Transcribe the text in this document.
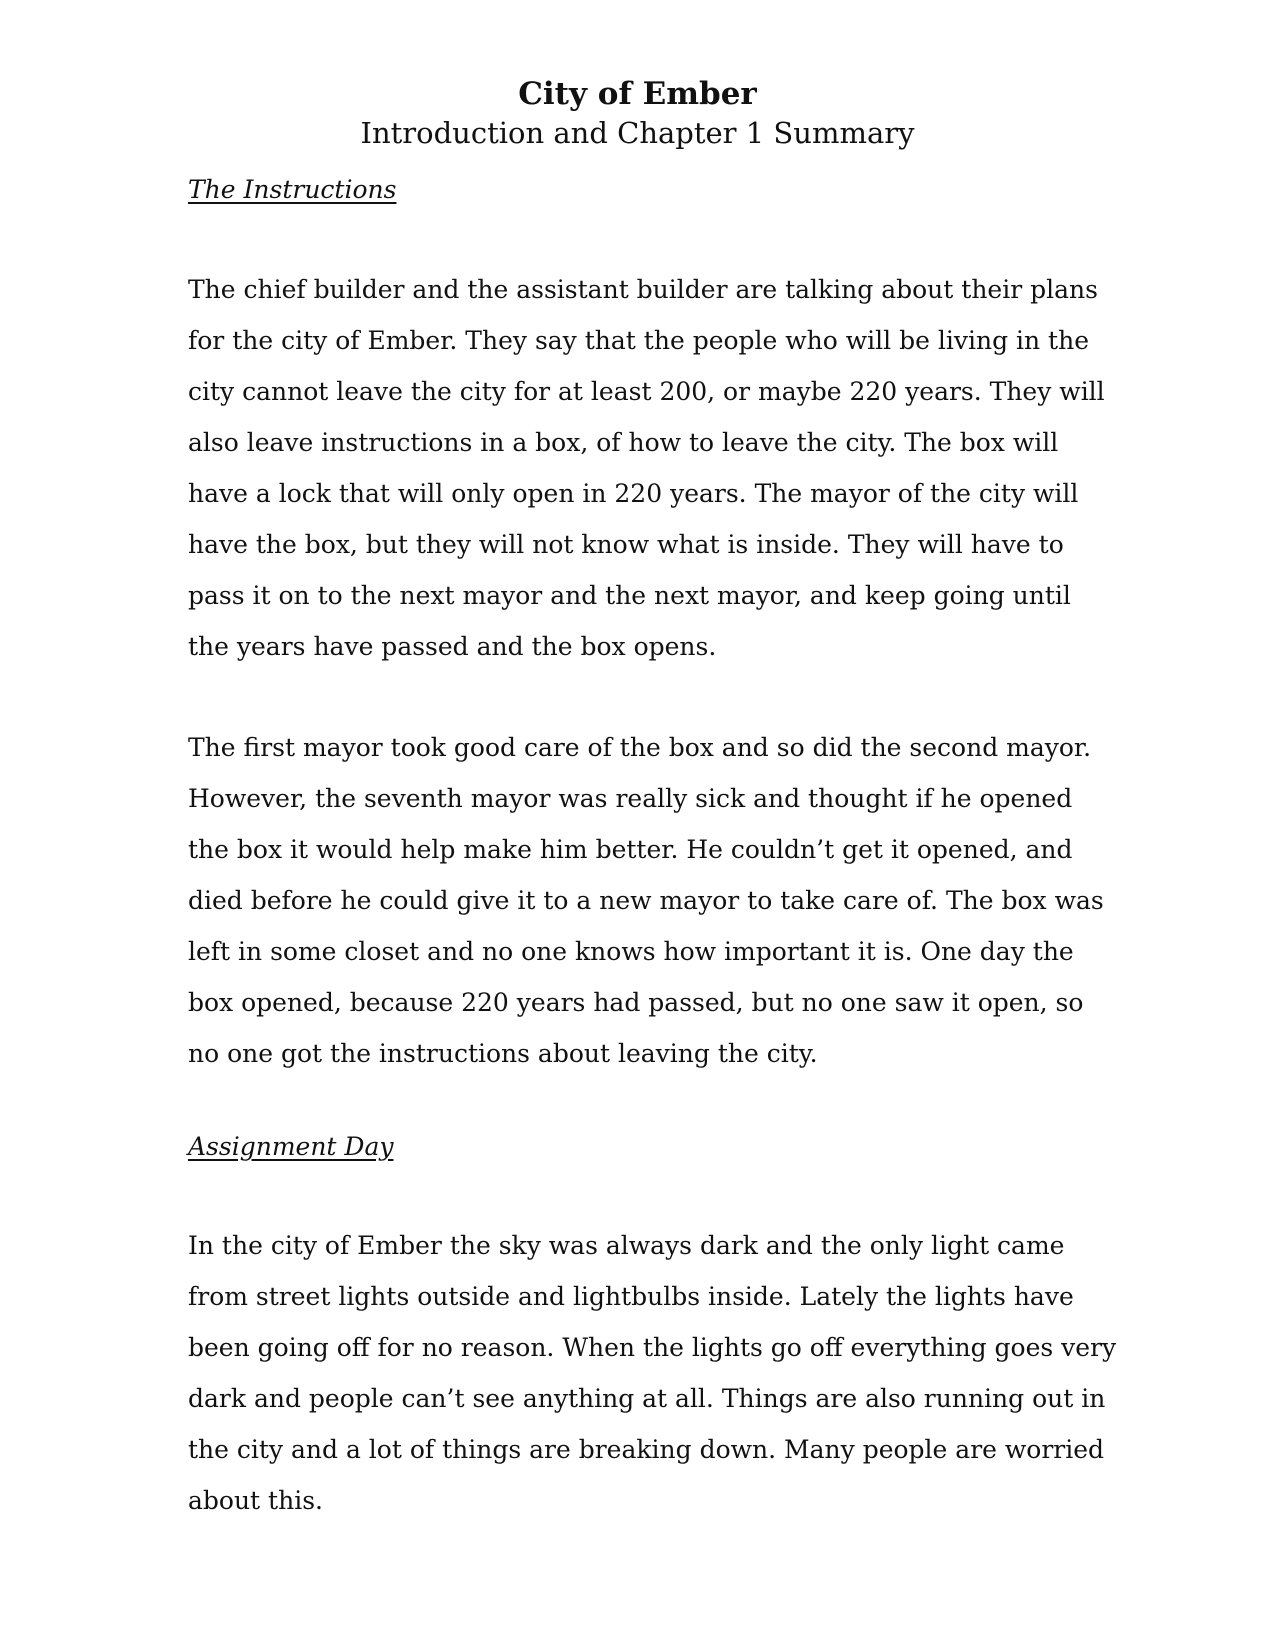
City of Ember
Introduction and Chapter 1 Summary
The Instructions

The chief builder and the assistant builder are talking about their plans
for the city of Ember. They say that the people who will be living in the
city cannot leave the city for at least 200, or maybe 220 years. They will
also leave instructions in a box, of how to leave the city. The box will
have a lock that will only open in 220 years. The mayor of the city will
have the box, but they will not know what is inside. They will have to
pass it on to the next mayor and the next mayor, and keep going until
the years have passed and the box opens.

The first mayor took good care of the box and so did the second mayor.
However, the seventh mayor was really sick and thought if he opened
the box it would help make him better. He couldn’t get it opened, and
died before he could give it to a new mayor to take care of. The box was
left in some closet and no one knows how important it is. One day the
box opened, because 220 years had passed, but no one saw it open, so
no one got the instructions about leaving the city.

Assignment Day

In the city of Ember the sky was always dark and the only light came
from street lights outside and lightbulbs inside. Lately the lights have
been going off for no reason. When the lights go off everything goes very
dark and people can’t see anything at all. Things are also running out in
the city and a lot of things are breaking down. Many people are worried
about this.
